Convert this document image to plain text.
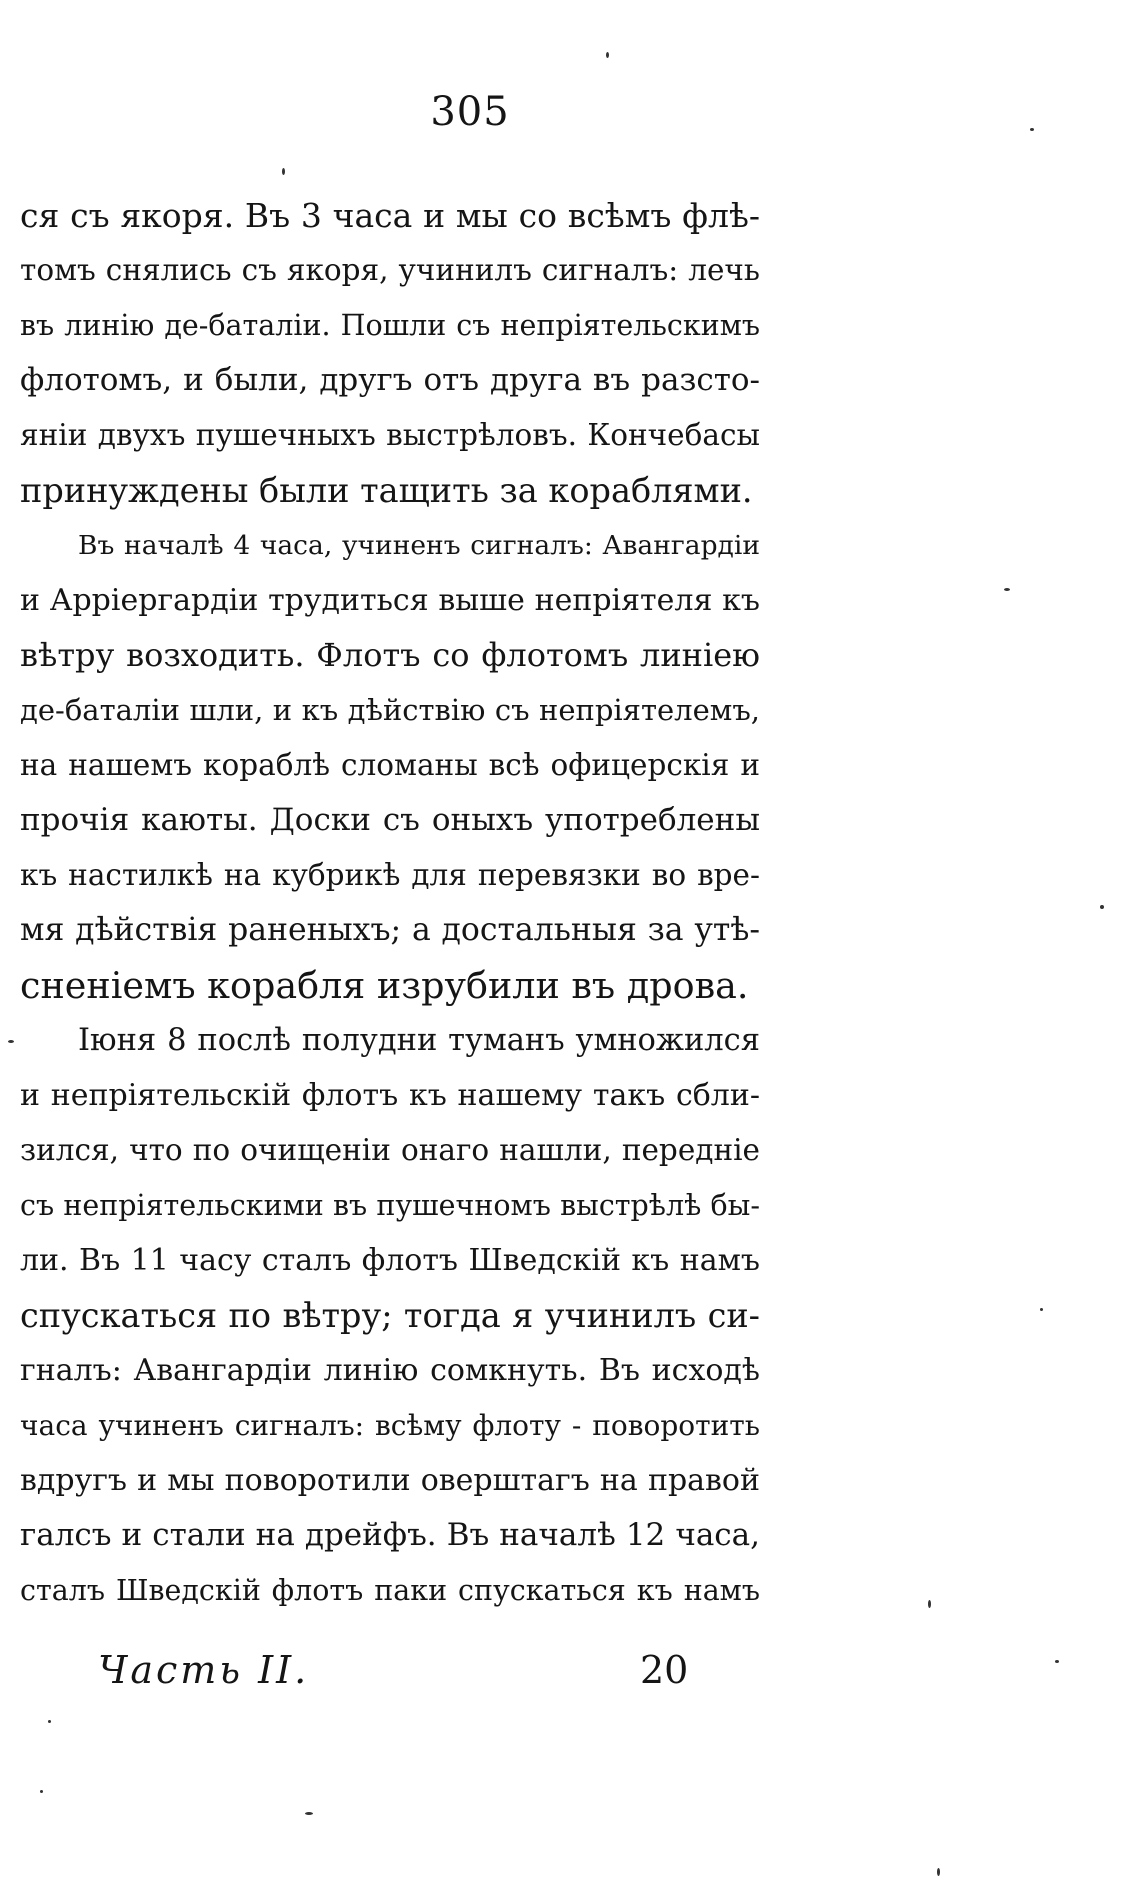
305
ся съ якоря. Въ 3 часа и мы со всѣмъ флѣ-
томъ снялись съ якоря, учинилъ сигналъ: лечь
въ линію де-баталіи. Пошли съ непріятельскимъ
флотомъ, и были, другъ отъ друга въ разсто-
яніи двухъ пушечныхъ выстрѣловъ. Кончебасы
принуждены были тащить за кораблями.
Въ началѣ 4 часа, учиненъ сигналъ: Авангардіи
и Арріергардіи трудиться выше непріятеля къ
вѣтру возходить. Флотъ со флотомъ линіею
де-баталіи шли, и къ дѣйствію съ непріятелемъ,
на нашемъ кораблѣ сломаны всѣ офицерскія и
прочія каюты. Доски съ оныхъ употреблены
къ настилкѣ на кубрикѣ для перевязки во вре-
мя дѣйствія раненыхъ; а достальныя за утѣ-
сненіемъ корабля изрубили въ дрова.
Іюня 8 послѣ полудни туманъ умножился
и непріятельскій флотъ къ нашему такъ сбли-
зился, что по очищеніи онаго нашли, передніе
съ непріятельскими въ пушечномъ выстрѣлѣ бы-
ли. Въ 11 часу сталъ флотъ Шведскій къ намъ
спускаться по вѣтру; тогда я учинилъ си-
гналъ: Авангардіи линію сомкнуть. Въ исходѣ
часа учиненъ сигналъ: всѣму флоту - поворотить
вдругъ и мы поворотили оверштагъ на правой
галсъ и стали на дрейфъ. Въ началѣ 12 часа,
сталъ Шведскій флотъ паки спускаться къ намъ
Часть II.	20
